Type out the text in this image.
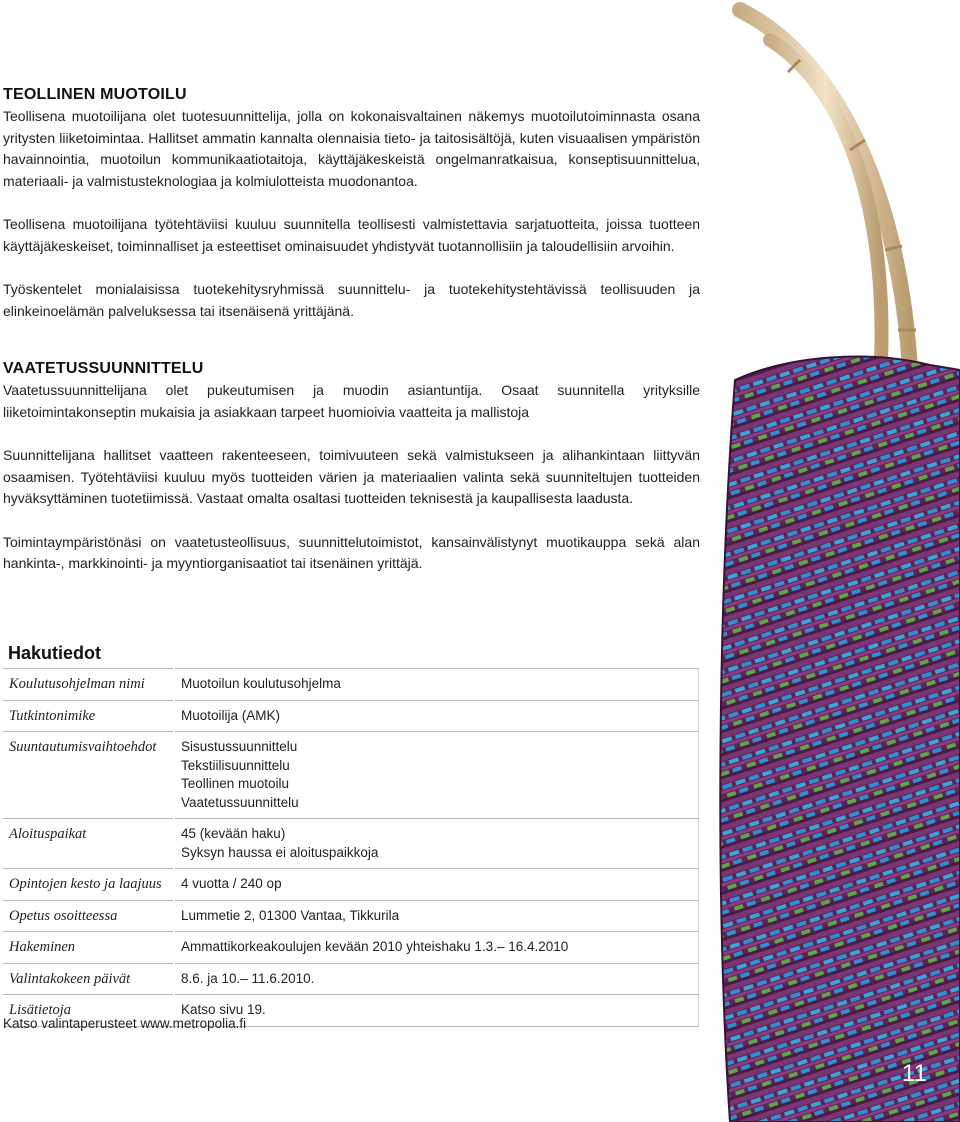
TEOLLINEN MUOTOILU

Teollisena muotoilijana olet tuotesuunnittelija, jolla on kokonaisvaltainen näkemys muotoilutoiminnasta osana yritysten liiketoimintaa. Hallitset ammatin kannalta olennaisia tieto- ja taitosisältöjä, kuten visuaalisen ympäristön havainnointia, muotoilun kommunikaatiotaitoja, käyttäjäkeskeistä ongelmanratkaisua, konseptisuunnittelua, materiaali- ja valmistusteknologiaa ja kolmiulotteista muodonantoa.

Teollisena muotoilijana työtehtäviisi kuuluu suunnitella teollisesti valmistettavia sarjatuotteita, joissa tuotteen käyttäjäkeskeiset, toiminnalliset ja esteettiset ominaisuudet yhdistyvät tuotannollisiin ja taloudellisiin arvoihin.

Työskentelet monialaisissa tuotekehitysryhmissä suunnittelu- ja tuotekehitystehtävissä teollisuuden ja elinkeinoelämän palveluksessa tai itsenäisenä yrittäjänä.

VAATETUSSUUNNITTELU

Vaatetussuunnittelijana olet pukeutumisen ja muodin asiantuntija. Osaat suunnitella yrityksille liiketoimintakonseptin mukaisia ja asiakkaan tarpeet huomioivia vaatteita ja mallistoja

Suunnittelijana hallitset vaatteen rakenteeseen, toimivuuteen sekä valmistukseen ja alihankintaan liittyvän osaamisen. Työtehtäviisi kuuluu myös tuotteiden värien ja materiaalien valinta sekä suunniteltujen tuotteiden hyväksyttäminen tuotetiimissä. Vastaat omalta osaltasi tuotteiden teknisestä ja kaupallisesta laadusta.

Toimintaympäristönäsi on vaatetusteollisuus, suunnittelutoimistot, kansainvälistynyt muotikauppa sekä alan hankinta-, markkinointi- ja myyntiorganisaatiot tai itsenäinen yrittäjä.

Hakutiedot
Koulutusohjelman nimi	Muotoilun koulutusohjelma

Tutkintonimike	Muotoilija (AMK)

Suuntautumisvaihtoehdot	Sisustussuunnittelu
Tekstiilisuunnittelu
Teollinen muotoilu
Vaatetussuunnittelu

Aloituspaikat	45 (kevään haku)
Syksyn haussa ei aloituspaikkoja

Opintojen kesto ja laajuus	4 vuotta / 240 op

Opetus osoitteessa	Lummetie 2, 01300 Vantaa, Tikkurila

Hakeminen	Ammattikorkeakoulujen kevään 2010 yhteishaku 1.3.– 16.4.2010

Valintakokeen päivät	8.6. ja 10.– 11.6.2010.

Lisätietoja	Katso sivu 19.
Katso valintaperusteet www.metropolia.fi
11
